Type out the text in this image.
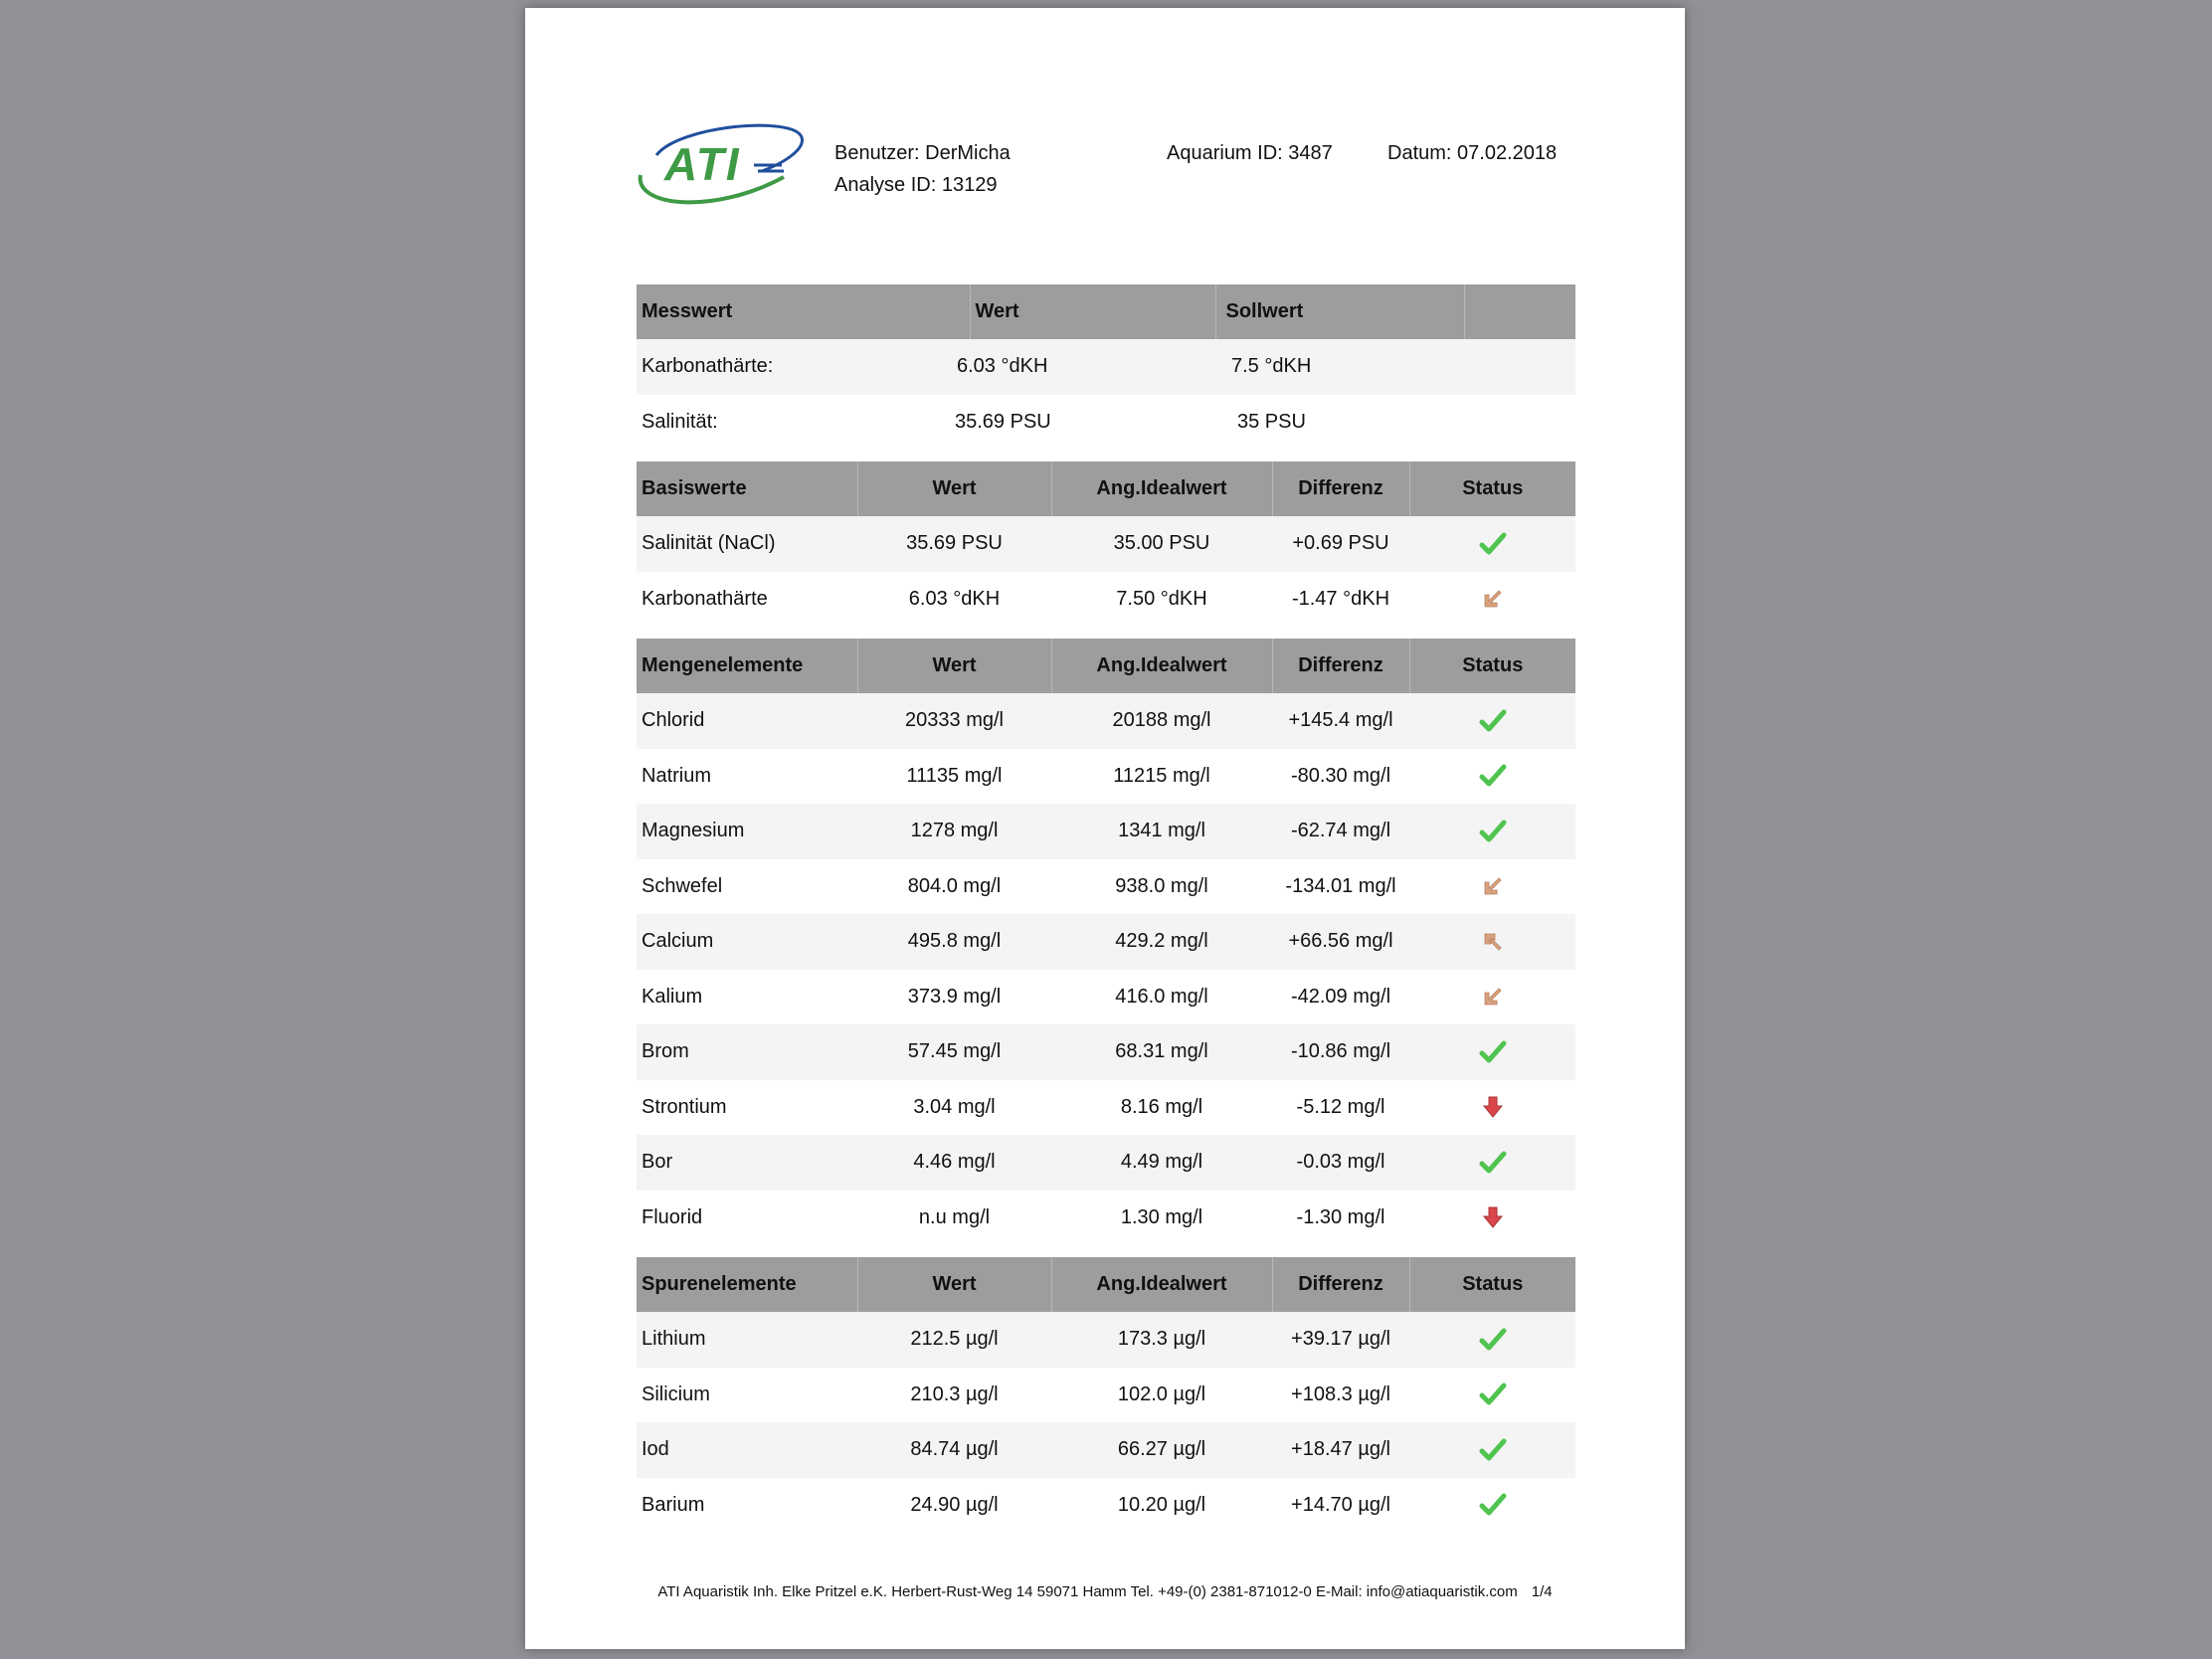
ATI	Benutzer: DerMicha
Analyse ID: 13129
Aquarium ID: 3487	Datum: 07.02.2018
Messwert	Wert	Sollwert	
Karbonathärte:	6.03 °dKH	7.5 °dKH	
Salinität:	35.69 PSU	35 PSU	
Basiswerte	Wert	Ang.Idealwert	Differenz	Status
Salinität (NaCl)	35.69 PSU	35.00 PSU	+0.69 PSU	
Karbonathärte	6.03 °dKH	7.50 °dKH	-1.47 °dKH	
Mengenelemente	Wert	Ang.Idealwert	Differenz	Status
Chlorid	20333 mg/l	20188 mg/l	+145.4 mg/l	
Natrium	11135 mg/l	11215 mg/l	-80.30 mg/l	
Magnesium	1278 mg/l	1341 mg/l	-62.74 mg/l	
Schwefel	804.0 mg/l	938.0 mg/l	-134.01 mg/l	
Calcium	495.8 mg/l	429.2 mg/l	+66.56 mg/l	
Kalium	373.9 mg/l	416.0 mg/l	-42.09 mg/l	
Brom	57.45 mg/l	68.31 mg/l	-10.86 mg/l	
Strontium	3.04 mg/l	8.16 mg/l	-5.12 mg/l	
Bor	4.46 mg/l	4.49 mg/l	-0.03 mg/l	
Fluorid	n.u mg/l	1.30 mg/l	-1.30 mg/l	
Spurenelemente	Wert	Ang.Idealwert	Differenz	Status
Lithium	212.5 µg/l	173.3 µg/l	+39.17 µg/l	
Silicium	210.3 µg/l	102.0 µg/l	+108.3 µg/l	
Iod	84.74 µg/l	66.27 µg/l	+18.47 µg/l	
Barium	24.90 µg/l	10.20 µg/l	+14.70 µg/l	
ATI Aquaristik Inh. Elke Pritzel e.K. Herbert-Rust-Weg 14 59071 Hamm Tel. +49-(0) 2381-871012-0 E-Mail: info@atiaquaristik.com 1/4
